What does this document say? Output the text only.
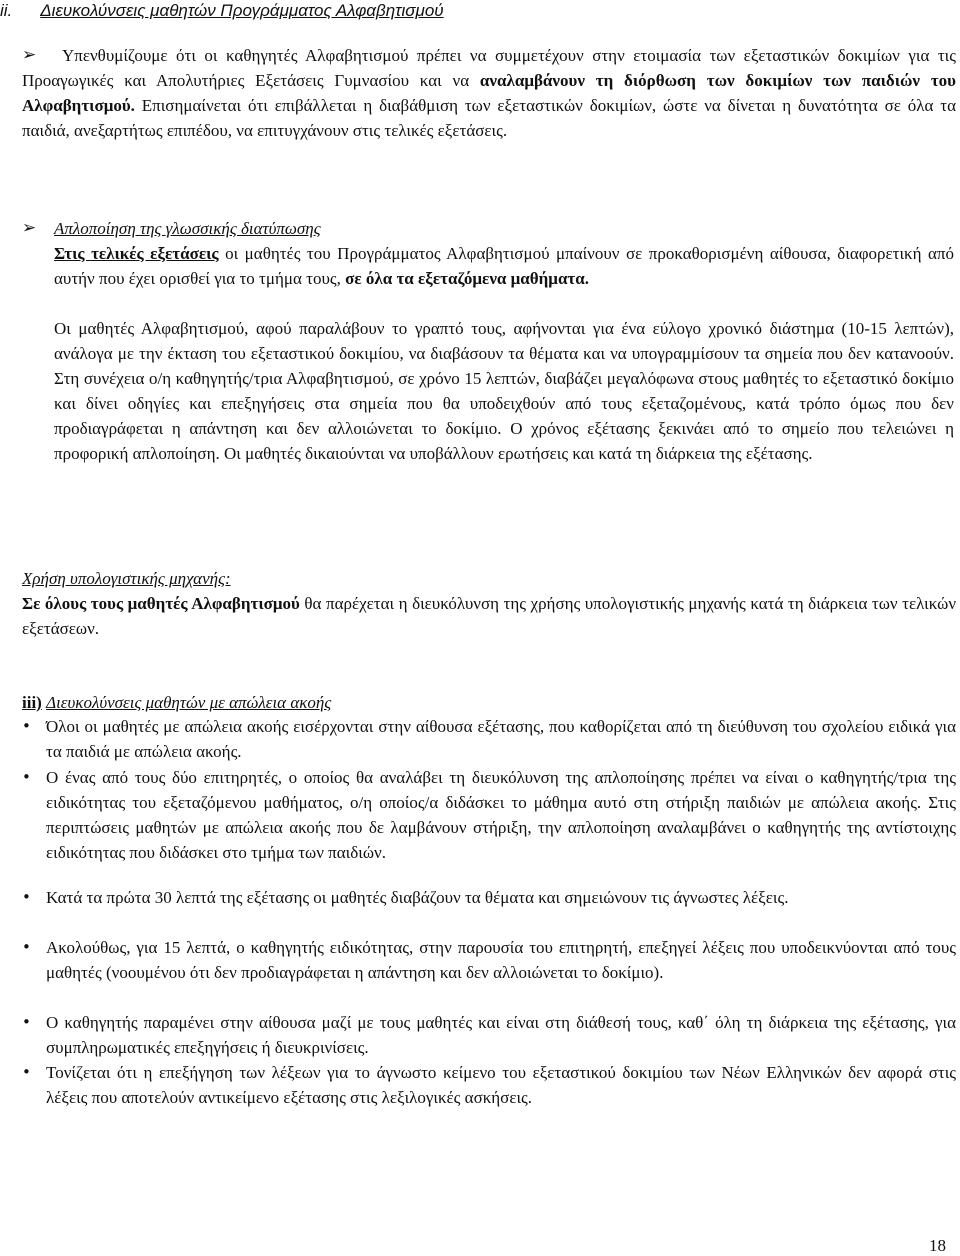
ii. Διευκολύνσεις μαθητών Προγράμματος Αλφαβητισμού
➢	Υπενθυμίζουμε ότι οι καθηγητές Αλφαβητισμού πρέπει να συμμετέχουν στην ετοιμασία των εξεταστικών δοκιμίων για τις Προαγωγικές και Απολυτήριες Εξετάσεις Γυμνασίου και να αναλαμβάνουν τη διόρθωση των δοκιμίων των παιδιών του Αλφαβητισμού. Επισημαίνεται ότι επιβάλλεται η διαβάθμιση των εξεταστικών δοκιμίων, ώστε να δίνεται η δυνατότητα σε όλα τα παιδιά, ανεξαρτήτως επιπέδου, να επιτυγχάνουν στις τελικές εξετάσεις.
➢ Απλοποίηση της γλωσσικής διατύπωσης
Στις τελικές εξετάσεις οι μαθητές του Προγράμματος Αλφαβητισμού μπαίνουν σε προκαθορισμένη αίθουσα, διαφορετική από αυτήν που έχει ορισθεί για το τμήμα τους, σε όλα τα εξεταζόμενα μαθήματα.
Οι μαθητές Αλφαβητισμού, αφού παραλάβουν το γραπτό τους, αφήνονται για ένα εύλογο χρονικό διάστημα (10-15 λεπτών), ανάλογα με την έκταση του εξεταστικού δοκιμίου, να διαβάσουν τα θέματα και να υπογραμμίσουν τα σημεία που δεν κατανοούν. Στη συνέχεια ο/η καθηγητής/τρια Αλφαβητισμού, σε χρόνο 15 λεπτών, διαβάζει μεγαλόφωνα στους μαθητές το εξεταστικό δοκίμιο και δίνει οδηγίες και επεξηγήσεις στα σημεία που θα υποδειχθούν από τους εξεταζομένους, κατά τρόπο όμως που δεν προδιαγράφεται η απάντηση και δεν αλλοιώνεται το δοκίμιο. Ο χρόνος εξέτασης ξεκινάει από το σημείο που τελειώνει η προφορική απλοποίηση. Οι μαθητές δικαιούνται να υποβάλλουν ερωτήσεις και κατά τη διάρκεια της εξέτασης.
Χρήση υπολογιστικής μηχανής:
Σε όλους τους μαθητές Αλφαβητισμού θα παρέχεται η διευκόλυνση της χρήσης υπολογιστικής μηχανής κατά τη διάρκεια των τελικών εξετάσεων.
iii) Διευκολύνσεις μαθητών με απώλεια ακοής
• Όλοι οι μαθητές με απώλεια ακοής εισέρχονται στην αίθουσα εξέτασης, που καθορίζεται από τη διεύθυνση του σχολείου ειδικά για τα παιδιά με απώλεια ακοής.
• Ο ένας από τους δύο επιτηρητές, ο οποίος θα αναλάβει τη διευκόλυνση της απλοποίησης πρέπει να είναι ο καθηγητής/τρια της ειδικότητας του εξεταζόμενου μαθήματος, ο/η οποίος/α διδάσκει το μάθημα αυτό στη στήριξη παιδιών με απώλεια ακοής. Στις περιπτώσεις μαθητών με απώλεια ακοής που δε λαμβάνουν στήριξη, την απλοποίηση αναλαμβάνει ο καθηγητής της αντίστοιχης ειδικότητας που διδάσκει στο τμήμα των παιδιών.
• Κατά τα πρώτα 30 λεπτά της εξέτασης οι μαθητές διαβάζουν τα θέματα και σημειώνουν τις άγνωστες λέξεις.
• Ακολούθως, για 15 λεπτά, ο καθηγητής ειδικότητας, στην παρουσία του επιτηρητή, επεξηγεί λέξεις που υποδεικνύονται από τους μαθητές (νοουμένου ότι δεν προδιαγράφεται η απάντηση και δεν αλλοιώνεται το δοκίμιο).
• Ο καθηγητής παραμένει στην αίθουσα μαζί με τους μαθητές και είναι στη διάθεσή τους, καθ΄ όλη τη διάρκεια της εξέτασης, για συμπληρωματικές επεξηγήσεις ή διευκρινίσεις.
• Τονίζεται ότι η επεξήγηση των λέξεων για το άγνωστο κείμενο του εξεταστικού δοκιμίου των Νέων Ελληνικών δεν αφορά στις λέξεις που αποτελούν αντικείμενο εξέτασης στις λεξιλογικές ασκήσεις.
18
